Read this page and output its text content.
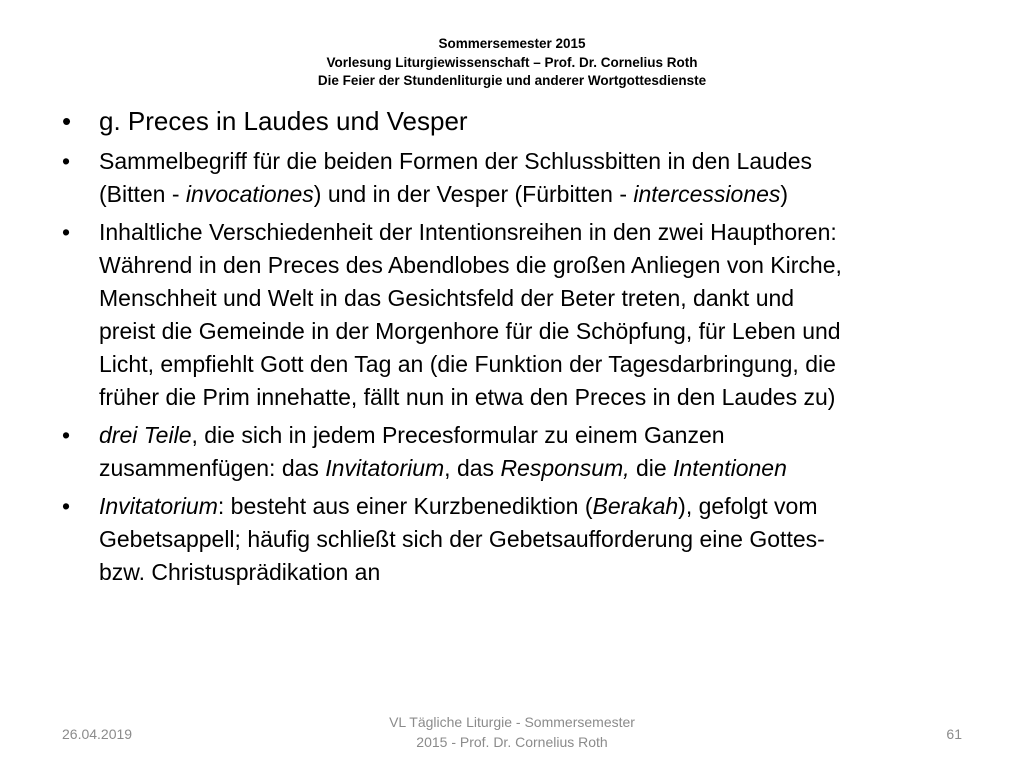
Sommersemester 2015
Vorlesung Liturgiewissenschaft – Prof. Dr. Cornelius Roth
Die Feier der Stundenliturgie und anderer Wortgottesdienste
• g. Preces in Laudes und Vesper
• Sammelbegriff für die beiden Formen der Schlussbitten in den Laudes
(Bitten - invocationes) und in der Vesper (Fürbitten - intercessiones)
• Inhaltliche Verschiedenheit der Intentionsreihen in den zwei Haupthoren:
Während in den Preces des Abendlobes die großen Anliegen von Kirche,
Menschheit und Welt in das Gesichtsfeld der Beter treten, dankt und
preist die Gemeinde in der Morgenhore für die Schöpfung, für Leben und
Licht, empfiehlt Gott den Tag an (die Funktion der Tagesdarbringung, die
früher die Prim innehatte, fällt nun in etwa den Preces in den Laudes zu)
• drei Teile, die sich in jedem Precesformular zu einem Ganzen
zusammenfügen: das Invitatorium, das Responsum, die Intentionen
• Invitatorium: besteht aus einer Kurzbenediktion (Berakah), gefolgt vom
Gebetsappell; häufig schließt sich der Gebetsaufforderung eine Gottes-
bzw. Christusprädikation an
26.04.2019
VL Tägliche Liturgie - Sommersemester
2015 - Prof. Dr. Cornelius Roth	61
